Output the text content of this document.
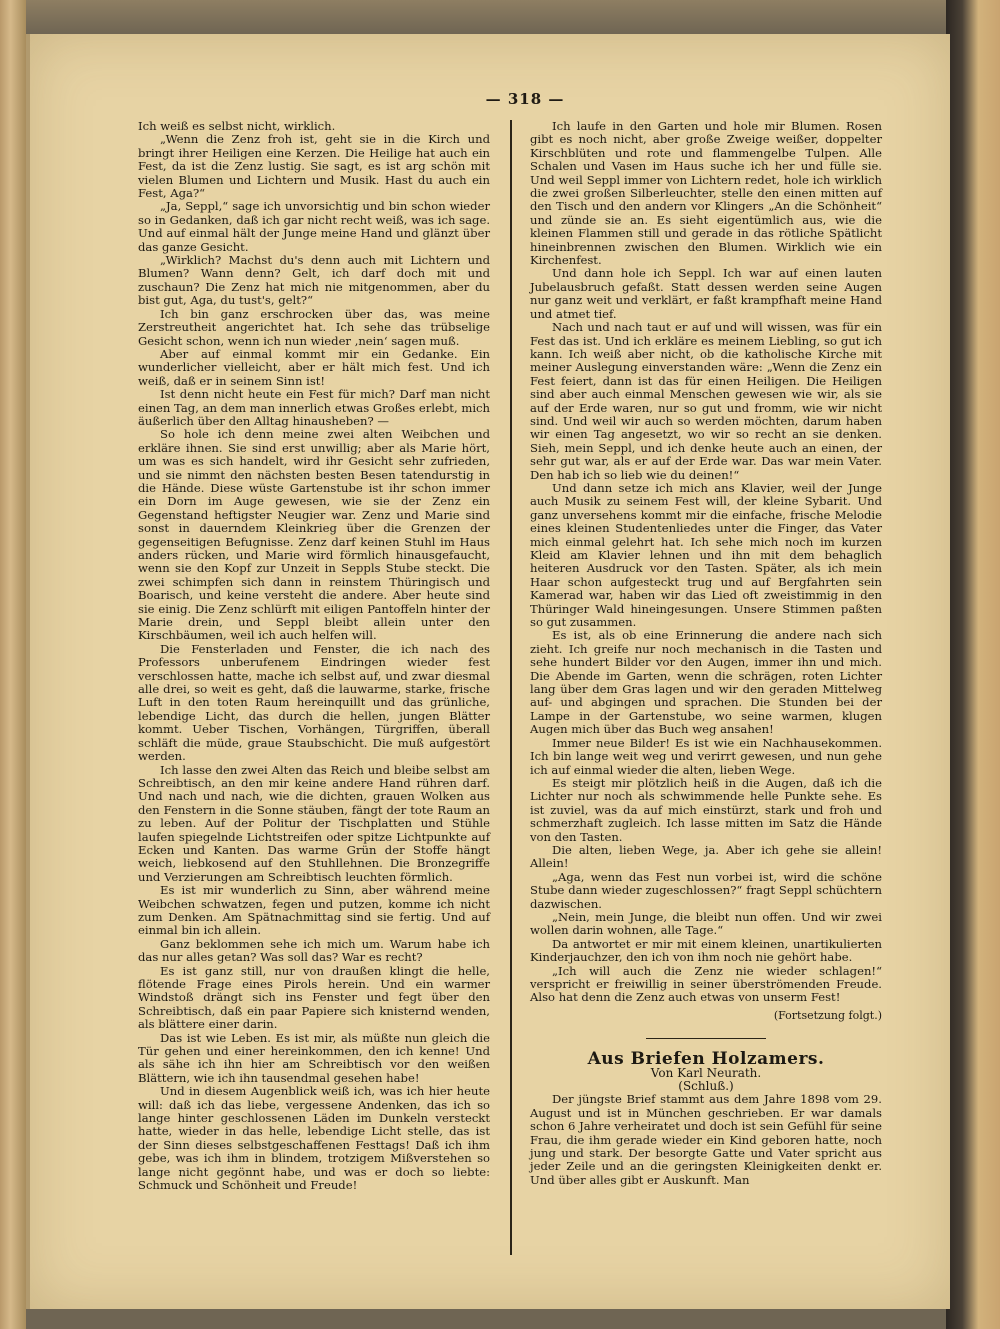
— 318 —

Ich weiß es selbst nicht, wirklich.

„Wenn die Zenz froh ist, geht sie in die Kirch und bringt ihrer Heiligen eine Kerzen. Die Heilige hat auch ein Fest, da ist die Zenz lustig. Sie sagt, es ist arg schön mit vielen Blumen und Lichtern und Musik. Hast du auch ein Fest, Aga?“

„Ja, Seppl,“ sage ich unvorsichtig und bin schon wieder so in Gedanken, daß ich gar nicht recht weiß, was ich sage. Und auf einmal hält der Junge meine Hand und glänzt über das ganze Gesicht.

„Wirklich? Machst du's denn auch mit Lichtern und Blumen? Wann denn? Gelt, ich darf doch mit und zuschaun? Die Zenz hat mich nie mitgenommen, aber du bist gut, Aga, du tust's, gelt?“

Ich bin ganz erschrocken über das, was meine Zerstreutheit angerichtet hat. Ich sehe das trübselige Gesicht schon, wenn ich nun wieder ‚nein‘ sagen muß.

Aber auf einmal kommt mir ein Gedanke. Ein wunderlicher vielleicht, aber er hält mich fest. Und ich weiß, daß er in seinem Sinn ist!

Ist denn nicht heute ein Fest für mich? Darf man nicht einen Tag, an dem man innerlich etwas Großes erlebt, mich äußerlich über den Alltag hinausheben? —

So hole ich denn meine zwei alten Weibchen und erkläre ihnen. Sie sind erst unwillig; aber als Marie hört, um was es sich handelt, wird ihr Gesicht sehr zufrieden, und sie nimmt den nächsten besten Besen tatendurstig in die Hände. Diese wüste Gartenstube ist ihr schon immer ein Dorn im Auge gewesen, wie sie der Zenz ein Gegenstand heftigster Neugier war. Zenz und Marie sind sonst in dauerndem Kleinkrieg über die Grenzen der gegenseitigen Befugnisse. Zenz darf keinen Stuhl im Haus anders rücken, und Marie wird förmlich hinausgefaucht, wenn sie den Kopf zur Unzeit in Seppls Stube steckt. Die zwei schimpfen sich dann in reinstem Thüringisch und Boarisch, und keine versteht die andere. Aber heute sind sie einig. Die Zenz schlürft mit eiligen Pantoffeln hinter der Marie drein, und Seppl bleibt allein unter den Kirschbäumen, weil ich auch helfen will.

Die Fensterladen und Fenster, die ich nach des Professors unberufenem Eindringen wieder fest verschlossen hatte, mache ich selbst auf, und zwar diesmal alle drei, so weit es geht, daß die lauwarme, starke, frische Luft in den toten Raum hereinquillt und das grünliche, lebendige Licht, das durch die hellen, jungen Blätter kommt. Ueber Tischen, Vorhängen, Türgriffen, überall schläft die müde, graue Staubschicht. Die muß aufgestört werden.

Ich lasse den zwei Alten das Reich und bleibe selbst am Schreibtisch, an den mir keine andere Hand rühren darf. Und nach und nach, wie die dichten, grauen Wolken aus den Fenstern in die Sonne stäuben, fängt der tote Raum an zu leben. Auf der Politur der Tischplatten und Stühle laufen spiegelnde Lichtstreifen oder spitze Lichtpunkte auf Ecken und Kanten. Das warme Grün der Stoffe hängt weich, liebkosend auf den Stuhllehnen. Die Bronzegriffe und Verzierungen am Schreibtisch leuchten förmlich.

Es ist mir wunderlich zu Sinn, aber während meine Weibchen schwatzen, fegen und putzen, komme ich nicht zum Denken. Am Spätnachmittag sind sie fertig. Und auf einmal bin ich allein.

Ganz beklommen sehe ich mich um. Warum habe ich das nur alles getan? Was soll das? War es recht?

Es ist ganz still, nur von draußen klingt die helle, flötende Frage eines Pirols herein. Und ein warmer Windstoß drängt sich ins Fenster und fegt über den Schreibtisch, daß ein paar Papiere sich knisternd wenden, als blättere einer darin.

Das ist wie Leben. Es ist mir, als müßte nun gleich die Tür gehen und einer hereinkommen, den ich kenne! Und als sähe ich ihn hier am Schreibtisch vor den weißen Blättern, wie ich ihn tausendmal gesehen habe!

Und in diesem Augenblick weiß ich, was ich hier heute will: daß ich das liebe, vergessene Andenken, das ich so lange hinter geschlossenen Läden im Dunkeln versteckt hatte, wieder in das helle, lebendige Licht stelle, das ist der Sinn dieses selbstgeschaffenen Festtags! Daß ich ihm gebe, was ich ihm in blindem, trotzigem Mißverstehen so lange nicht gegönnt habe, und was er doch so liebte: Schmuck und Schönheit und Freude!

Ich laufe in den Garten und hole mir Blumen. Rosen gibt es noch nicht, aber große Zweige weißer, doppelter Kirschblüten und rote und flammengelbe Tulpen. Alle Schalen und Vasen im Haus suche ich her und fülle sie. Und weil Seppl immer von Lichtern redet, hole ich wirklich die zwei großen Silberleuchter, stelle den einen mitten auf den Tisch und den andern vor Klingers „An die Schönheit“ und zünde sie an. Es sieht eigentümlich aus, wie die kleinen Flammen still und gerade in das rötliche Spätlicht hineinbrennen zwischen den Blumen. Wirklich wie ein Kirchenfest.

Und dann hole ich Seppl. Ich war auf einen lauten Jubelausbruch gefaßt. Statt dessen werden seine Augen nur ganz weit und verklärt, er faßt krampfhaft meine Hand und atmet tief.

Nach und nach taut er auf und will wissen, was für ein Fest das ist. Und ich erkläre es meinem Liebling, so gut ich kann. Ich weiß aber nicht, ob die katholische Kirche mit meiner Auslegung einverstanden wäre: „Wenn die Zenz ein Fest feiert, dann ist das für einen Heiligen. Die Heiligen sind aber auch einmal Menschen gewesen wie wir, als sie auf der Erde waren, nur so gut und fromm, wie wir nicht sind. Und weil wir auch so werden möchten, darum haben wir einen Tag angesetzt, wo wir so recht an sie denken. Sieh, mein Seppl, und ich denke heute auch an einen, der sehr gut war, als er auf der Erde war. Das war mein Vater. Den hab ich so lieb wie du deinen!“

Und dann setze ich mich ans Klavier, weil der Junge auch Musik zu seinem Fest will, der kleine Sybarit. Und ganz unversehens kommt mir die einfache, frische Melodie eines kleinen Studentenliedes unter die Finger, das Vater mich einmal gelehrt hat. Ich sehe mich noch im kurzen Kleid am Klavier lehnen und ihn mit dem behaglich heiteren Ausdruck vor den Tasten. Später, als ich mein Haar schon aufgesteckt trug und auf Bergfahrten sein Kamerad war, haben wir das Lied oft zweistimmig in den Thüringer Wald hineingesungen. Unsere Stimmen paßten so gut zusammen.

Es ist, als ob eine Erinnerung die andere nach sich zieht. Ich greife nur noch mechanisch in die Tasten und sehe hundert Bilder vor den Augen, immer ihn und mich. Die Abende im Garten, wenn die schrägen, roten Lichter lang über dem Gras lagen und wir den geraden Mittelweg auf- und abgingen und sprachen. Die Stunden bei der Lampe in der Gartenstube, wo seine warmen, klugen Augen mich über das Buch weg ansahen!

Immer neue Bilder! Es ist wie ein Nachhausekommen. Ich bin lange weit weg und verirrt gewesen, und nun gehe ich auf einmal wieder die alten, lieben Wege.

Es steigt mir plötzlich heiß in die Augen, daß ich die Lichter nur noch als schwimmende helle Punkte sehe. Es ist zuviel, was da auf mich einstürzt, stark und froh und schmerzhaft zugleich. Ich lasse mitten im Satz die Hände von den Tasten.

Die alten, lieben Wege, ja. Aber ich gehe sie allein! Allein!

„Aga, wenn das Fest nun vorbei ist, wird die schöne Stube dann wieder zugeschlossen?“ fragt Seppl schüchtern dazwischen.

„Nein, mein Junge, die bleibt nun offen. Und wir zwei wollen darin wohnen, alle Tage.“

Da antwortet er mir mit einem kleinen, unartikulierten Kinderjauchzer, den ich von ihm noch nie gehört habe.

„Ich will auch die Zenz nie wieder schlagen!“ verspricht er freiwillig in seiner überströmenden Freude. Also hat denn die Zenz auch etwas von unserm Fest!

(Fortsetzung folgt.)

Aus Briefen Holzamers.

Von Karl Neurath.

(Schluß.)

Der jüngste Brief stammt aus dem Jahre 1898 vom 29. August und ist in München geschrieben. Er war damals schon 6 Jahre verheiratet und doch ist sein Gefühl für seine Frau, die ihm gerade wieder ein Kind geboren hatte, noch jung und stark. Der besorgte Gatte und Vater spricht aus jeder Zeile und an die geringsten Kleinigkeiten denkt er. Und über alles gibt er Auskunft. Man
